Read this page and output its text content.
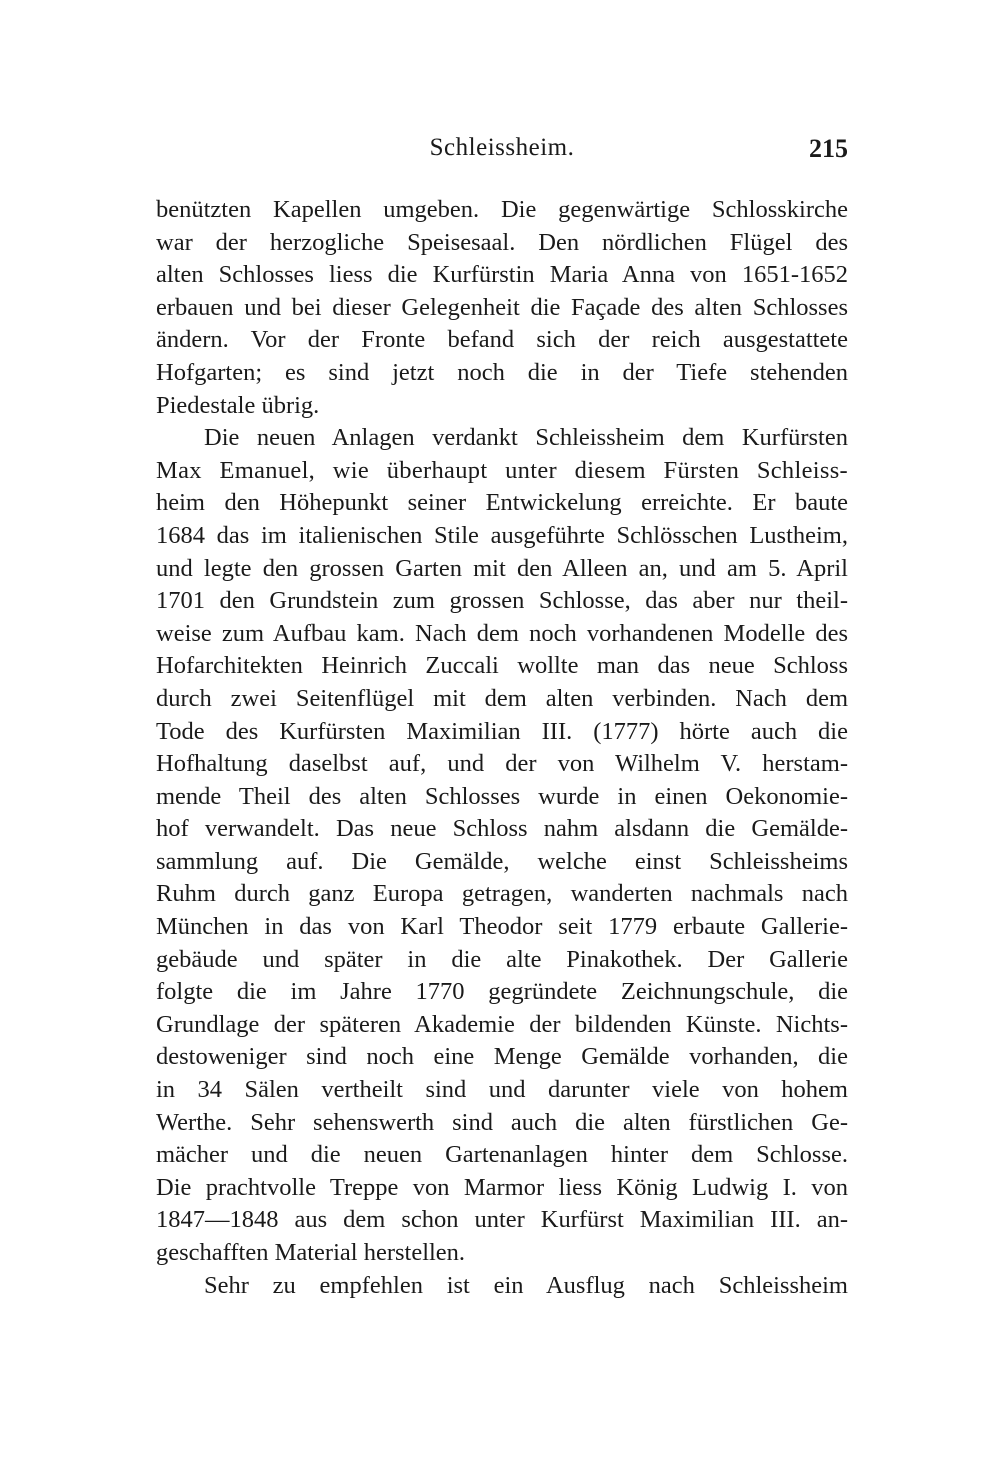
Schleissheim.	215
benützten Kapellen umgeben. Die gegenwärtige Schlosskirche
war der herzogliche Speisesaal. Den nördlichen Flügel des
alten Schlosses liess die Kurfürstin Maria Anna von 1651-1652
erbauen und bei dieser Gelegenheit die Façade des alten Schlosses
ändern. Vor der Fronte befand sich der reich ausgestattete
Hofgarten; es sind jetzt noch die in der Tiefe stehenden
Piedestale übrig.
Die neuen Anlagen verdankt Schleissheim dem Kurfürsten
Max Emanuel, wie überhaupt unter diesem Fürsten Schleiss-
heim den Höhepunkt seiner Entwickelung erreichte. Er baute
1684 das im italienischen Stile ausgeführte Schlösschen Lustheim,
und legte den grossen Garten mit den Alleen an, und am 5. April
1701 den Grundstein zum grossen Schlosse, das aber nur theil-
weise zum Aufbau kam. Nach dem noch vorhandenen Modelle des
Hofarchitekten Heinrich Zuccali wollte man das neue Schloss
durch zwei Seitenflügel mit dem alten verbinden. Nach dem
Tode des Kurfürsten Maximilian III. (1777) hörte auch die
Hofhaltung daselbst auf, und der von Wilhelm V. herstam-
mende Theil des alten Schlosses wurde in einen Oekonomie-
hof verwandelt. Das neue Schloss nahm alsdann die Gemälde-
sammlung auf. Die Gemälde, welche einst Schleissheims
Ruhm durch ganz Europa getragen, wanderten nachmals nach
München in das von Karl Theodor seit 1779 erbaute Gallerie-
gebäude und später in die alte Pinakothek. Der Gallerie
folgte die im Jahre 1770 gegründete Zeichnungschule, die
Grundlage der späteren Akademie der bildenden Künste. Nichts-
destoweniger sind noch eine Menge Gemälde vorhanden, die
in 34 Sälen vertheilt sind und darunter viele von hohem
Werthe. Sehr sehenswerth sind auch die alten fürstlichen Ge-
mächer und die neuen Gartenanlagen hinter dem Schlosse.
Die prachtvolle Treppe von Marmor liess König Ludwig I. von
1847—1848 aus dem schon unter Kurfürst Maximilian III. an-
geschafften Material herstellen.
Sehr zu empfehlen ist ein Ausflug nach Schleissheim
